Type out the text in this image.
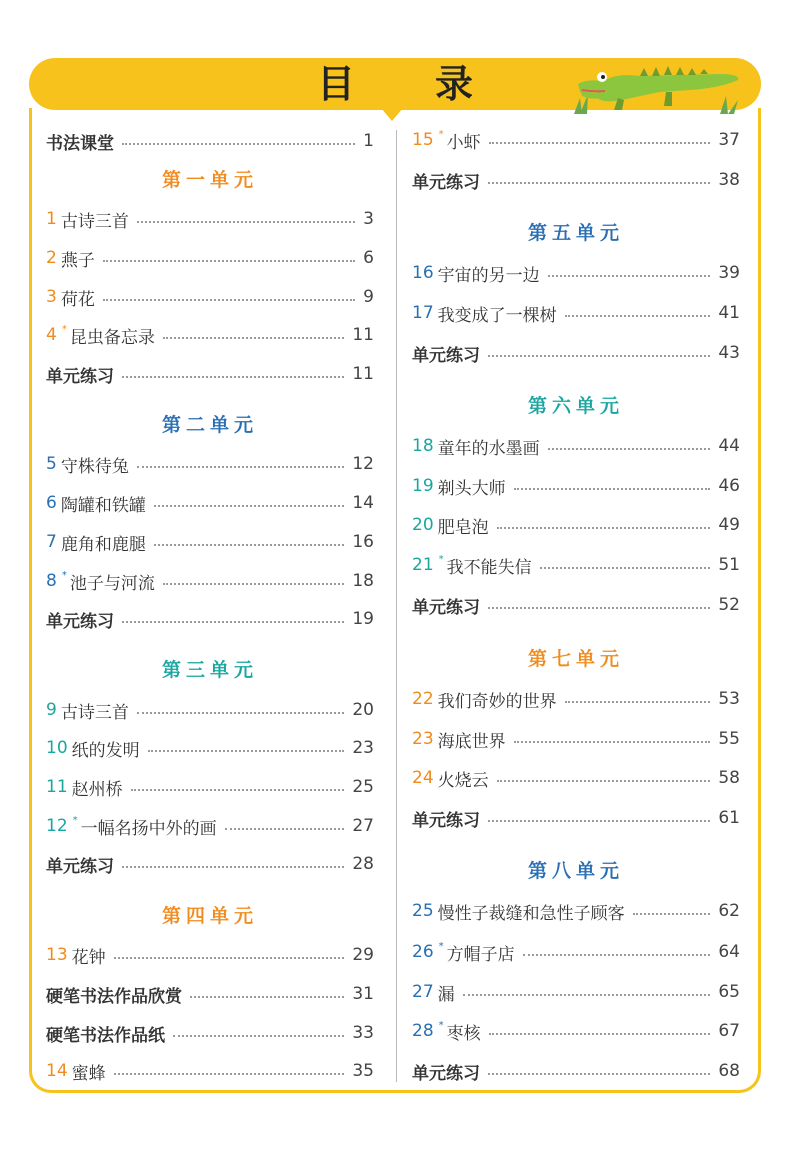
目录
书法课堂	1
第一单元
1 古诗三首	3
2 燕子	6
3 荷花	9
4 * 昆虫备忘录	11
单元练习	11
第二单元
5 守株待兔	12
6 陶罐和铁罐	14
7 鹿角和鹿腿	16
8 * 池子与河流	18
单元练习	19
第三单元
9 古诗三首	20
10 纸的发明	23
11 赵州桥	25
12 * 一幅名扬中外的画	27
单元练习	28
第四单元
13 花钟	29
硬笔书法作品欣赏	31
硬笔书法作品纸	33
14 蜜蜂	35
15 * 小虾	37
单元练习	38
第五单元
16 宇宙的另一边	39
17 我变成了一棵树	41
单元练习	43
第六单元
18 童年的水墨画	44
19 剃头大师	46
20 肥皂泡	49
21 * 我不能失信	51
单元练习	52
第七单元
22 我们奇妙的世界	53
23 海底世界	55
24 火烧云	58
单元练习	61
第八单元
25 慢性子裁缝和急性子顾客	62
26 * 方帽子店	64
27 漏	65
28 * 枣核	67
单元练习	68
